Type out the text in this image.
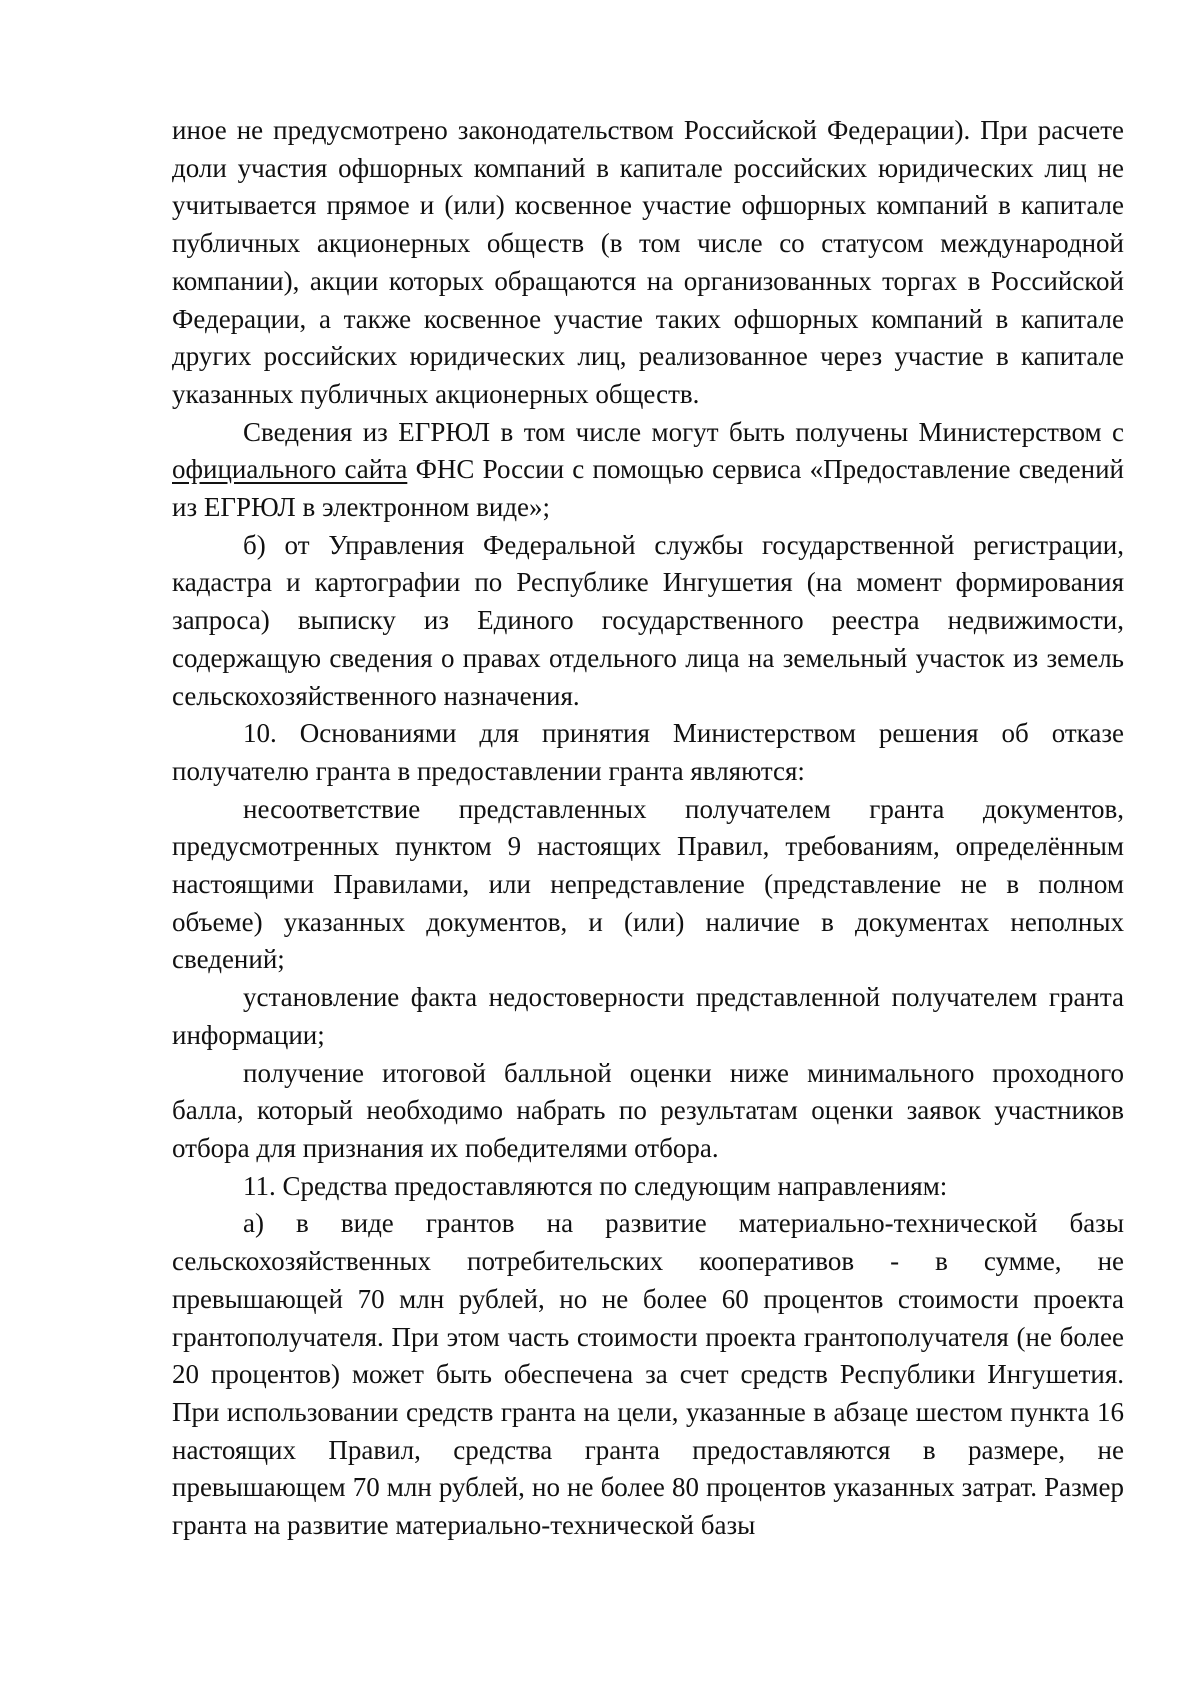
иное не предусмотрено законодательством Российской Федерации). При расчете доли участия офшорных компаний в капитале российских юридических лиц не учитывается прямое и (или) косвенное участие офшорных компаний в капитале публичных акционерных обществ (в том числе со статусом международной компании), акции которых обращаются на организованных торгах в Российской Федерации, а также косвенное участие таких офшорных компаний в капитале других российских юридических лиц, реализованное через участие в капитале указанных публичных акционерных обществ.

Сведения из ЕГРЮЛ в том числе могут быть получены Министерством с официального сайта ФНС России с помощью сервиса «Предоставление сведений из ЕГРЮЛ в электронном виде»;

б) от Управления Федеральной службы государственной регистрации, кадастра и картографии по Республике Ингушетия (на момент формирования запроса) выписку из Единого государственного реестра недвижимости, содержащую сведения о правах отдельного лица на земельный участок из земель сельскохозяйственного назначения.

10. Основаниями для принятия Министерством решения об отказе получателю гранта в предоставлении гранта являются:

несоответствие представленных получателем гранта документов, предусмотренных пунктом 9 настоящих Правил, требованиям, определённым настоящими Правилами, или непредставление (представление не в полном объеме) указанных документов, и (или) наличие в документах неполных сведений;

установление факта недостоверности представленной получателем гранта информации;

получение итоговой балльной оценки ниже минимального проходного балла, который необходимо набрать по результатам оценки заявок участников отбора для признания их победителями отбора.

11. Средства предоставляются по следующим направлениям:

а) в виде грантов на развитие материально-технической базы сельскохозяйственных потребительских кооперативов - в сумме, не превышающей 70 млн рублей, но не более 60 процентов стоимости проекта грантополучателя. При этом часть стоимости проекта грантополучателя (не более 20 процентов) может быть обеспечена за счет средств Республики Ингушетия. При использовании средств гранта на цели, указанные в абзаце шестом пункта 16 настоящих Правил, средства гранта предоставляются в размере, не превышающем 70 млн рублей, но не более 80 процентов указанных затрат. Размер гранта на развитие материально-технической базы
